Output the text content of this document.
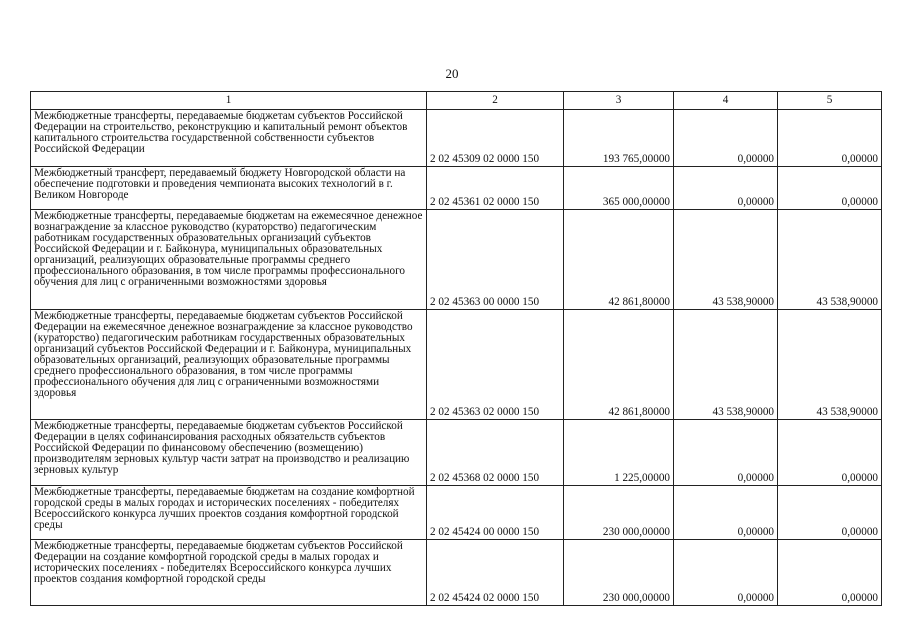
20
1	2	3	4	5
Межбюджетные трансферты, передаваемые бюджетам субъектов Российской Федерации на строительство, реконструкцию и капитальный ремонт объектов капитального строительства государственной собственности субъектов Российской Федерации	2 02 45309 02 0000 150	193 765,00000	0,00000	0,00000
Межбюджетный трансферт, передаваемый бюджету Новгородской области на обеспечение подготовки и проведения чемпионата высоких технологий в г. Великом Новгороде	2 02 45361 02 0000 150	365 000,00000	0,00000	0,00000
Межбюджетные трансферты, передаваемые бюджетам на ежемесячное денежное вознаграждение за классное руководство (кураторство) педагогическим работникам государственных образовательных организаций субъектов Российской Федерации и г. Байконура, муниципальных образовательных организаций, реализующих образовательные программы среднего профессионального образования, в том числе программы профессионального обучения для лиц с ограниченными возможностями здоровья	2 02 45363 00 0000 150	42 861,80000	43 538,90000	43 538,90000
Межбюджетные трансферты, передаваемые бюджетам субъектов Российской Федерации на ежемесячное денежное вознаграждение за классное руководство (кураторство) педагогическим работникам государственных образовательных организаций субъектов Российской Федерации и г. Байконура, муниципальных образовательных организаций, реализующих образовательные программы среднего профессионального образования, в том числе программы профессионального обучения для лиц с ограниченными возможностями здоровья	2 02 45363 02 0000 150	42 861,80000	43 538,90000	43 538,90000
Межбюджетные трансферты, передаваемые бюджетам субъектов Российской Федерации в целях софинансирования расходных обязательств субъектов Российской Федерации по финансовому обеспечению (возмещению) производителям зерновых культур части затрат на производство и реализацию зерновых культур	2 02 45368 02 0000 150	1 225,00000	0,00000	0,00000
Межбюджетные трансферты, передаваемые бюджетам на создание комфортной городской среды в малых городах и исторических поселениях - победителях Всероссийского конкурса лучших проектов создания комфортной городской среды	2 02 45424 00 0000 150	230 000,00000	0,00000	0,00000
Межбюджетные трансферты, передаваемые бюджетам субъектов Российской Федерации на создание комфортной городской среды в малых городах и исторических поселениях - победителях Всероссийского конкурса лучших проектов создания комфортной городской среды	2 02 45424 02 0000 150	230 000,00000	0,00000	0,00000
